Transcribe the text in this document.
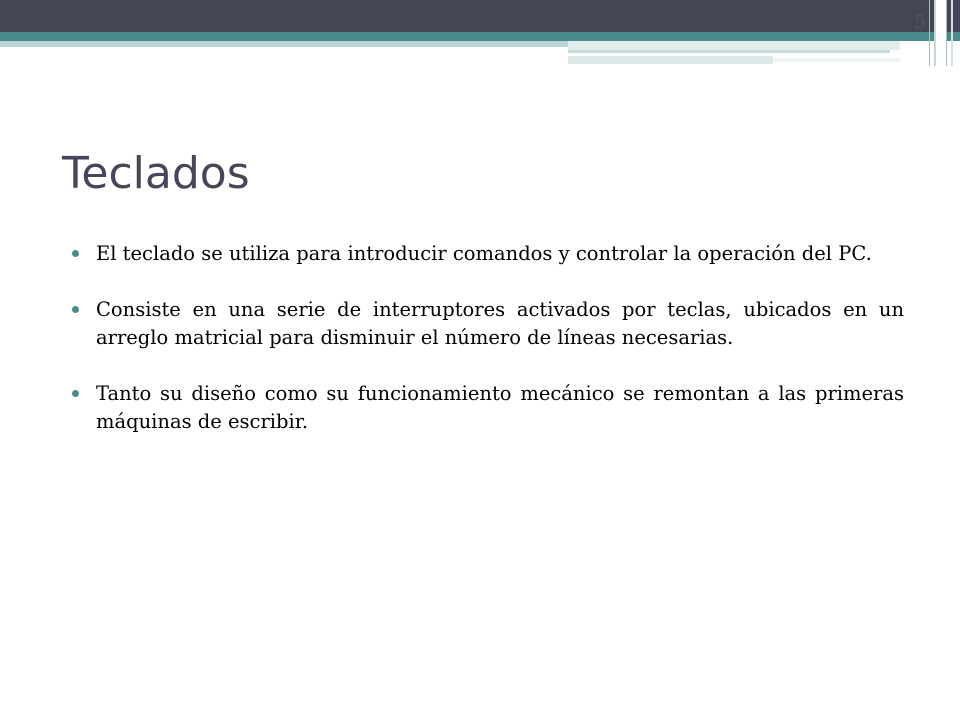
5
Teclados
El teclado se utiliza para introducir comandos y controlar la operación del PC.
Consiste en una serie de interruptores activados por teclas, ubicados en un arreglo matricial para disminuir el número de líneas necesarias.
Tanto su diseño como su funcionamiento mecánico se remontan a las primeras máquinas de escribir.
